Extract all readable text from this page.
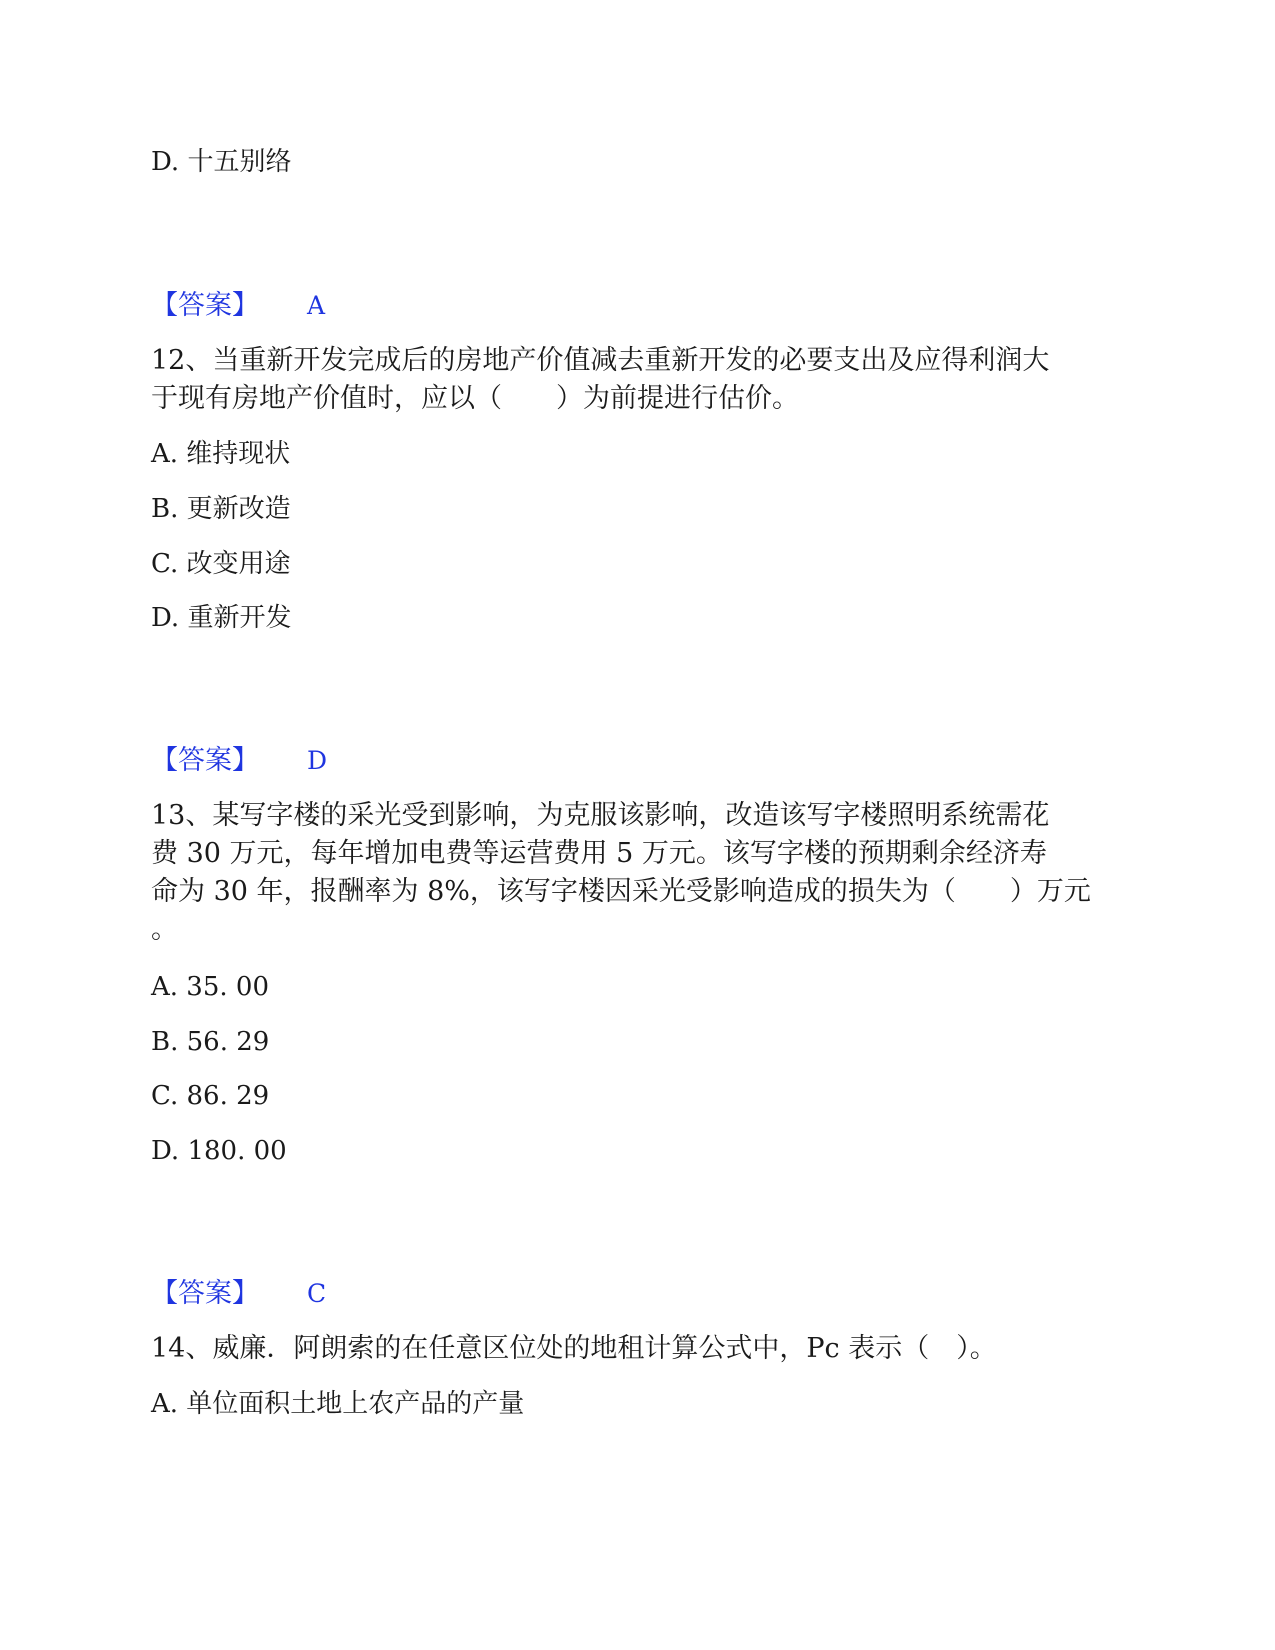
D. 十五别络
【答案】 A
12、当重新开发完成后的房地产价值减去重新开发的必要支出及应得利润大
于现有房地产价值时，应以（　　）为前提进行估价。
A. 维持现状
B. 更新改造
C. 改变用途
D. 重新开发
【答案】 D
13、某写字楼的采光受到影响，为克服该影响，改造该写字楼照明系统需花
费 30 万元，每年增加电费等运营费用 5 万元。该写字楼的预期剩余经济寿
命为 30 年，报酬率为 8%，该写字楼因采光受影响造成的损失为（　　）万元
。
A. 35. 00
B. 56. 29
C. 86. 29
D. 180. 00
【答案】 C
14、威廉．阿朗索的在任意区位处的地租计算公式中，Pc 表示（　）。
A. 单位面积土地上农产品的产量
